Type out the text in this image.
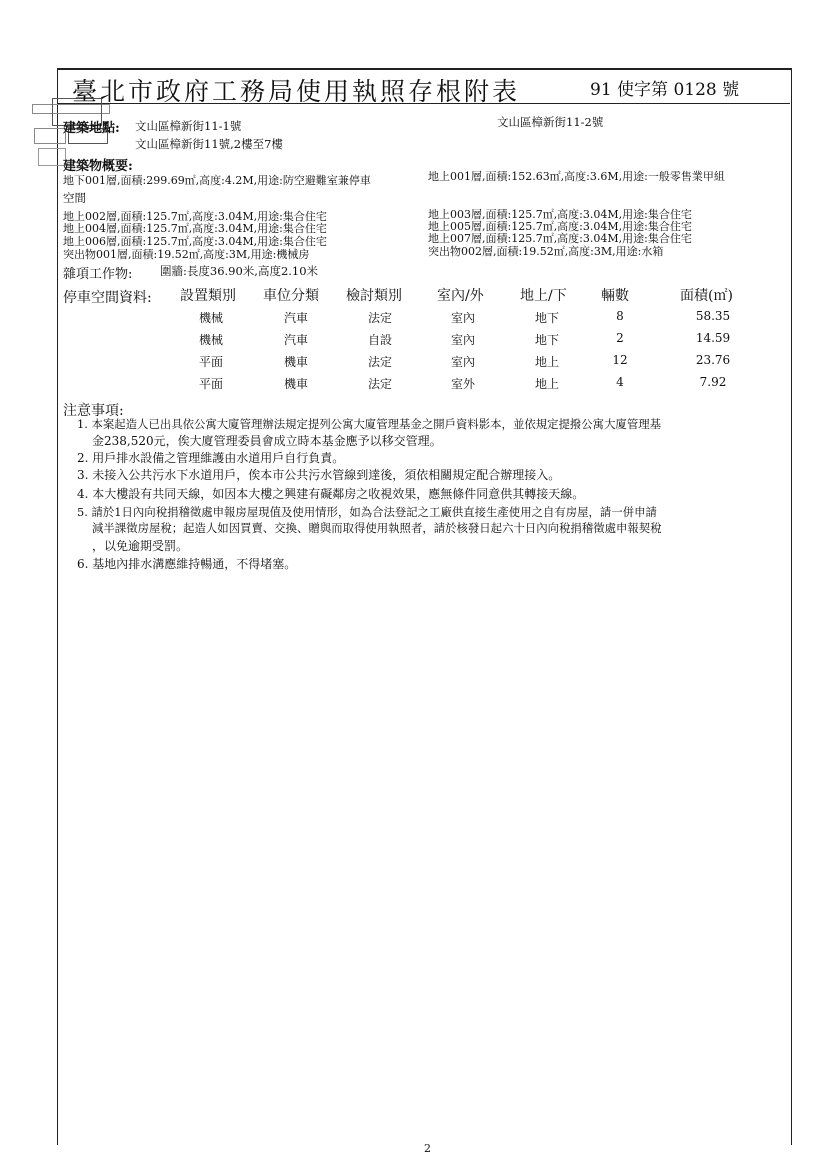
臺北市政府工務局使用執照存根附表	91 使字第 0128 號
建築地點: 文山區樟新街11-1號	文山區樟新街11-2號
文山區樟新街11號,2樓至7樓
建築物概要:
地下001層,面積:299.69㎡,高度:4.2M,用途:防空避難室兼停車	地上001層,面積:152.63㎡,高度:3.6M,用途:一般零售業甲組
空間
地上002層,面積:125.7㎡,高度:3.04M,用途:集合住宅	地上003層,面積:125.7㎡,高度:3.04M,用途:集合住宅
地上004層,面積:125.7㎡,高度:3.04M,用途:集合住宅	地上005層,面積:125.7㎡,高度:3.04M,用途:集合住宅
地上006層,面積:125.7㎡,高度:3.04M,用途:集合住宅	地上007層,面積:125.7㎡,高度:3.04M,用途:集合住宅
突出物001層,面積:19.52㎡,高度:3M,用途:機械房	突出物002層,面積:19.52㎡,高度:3M,用途:水箱
雜項工作物: 圍牆:長度36.90米,高度2.10米
停車空間資料: 設置類別 車位分類 檢討類別	室內/外	地上/下 輛數	面積(㎡)
機械	汽車	法定	室內	地下	8	58.35
機械	汽車	自設	室內	地下	2	14.59
平面	機車	法定	室內	地上	12	23.76
平面	機車	法定	室外	地上	4	7.92
注意事項:
1. 本案起造人已出具依公寓大廈管理辦法規定提列公寓大廈管理基金之開戶資料影本，並依規定提撥公寓大廈管理基
金238,520元，俟大廈管理委員會成立時本基金應予以移交管理。
2. 用戶排水設備之管理維護由水道用戶自行負責。
3. 未接入公共污水下水道用戶，俟本市公共污水管線到達後，須依相關規定配合辦理接入。
4. 本大樓設有共同天線，如因本大樓之興建有礙鄰房之收視效果，應無條件同意供其轉接天線。
5. 請於1日內向稅捐稽徵處申報房屋現值及使用情形，如為合法登記之工廠供直接生產使用之自有房屋，請一併申請
減半課徵房屋稅；起造人如因買賣、交換、贈與而取得使用執照者，請於核發日起六十日內向稅捐稽徵處申報契稅
，以免逾期受罰。
6. 基地內排水溝應維持暢通，不得堵塞。
2
